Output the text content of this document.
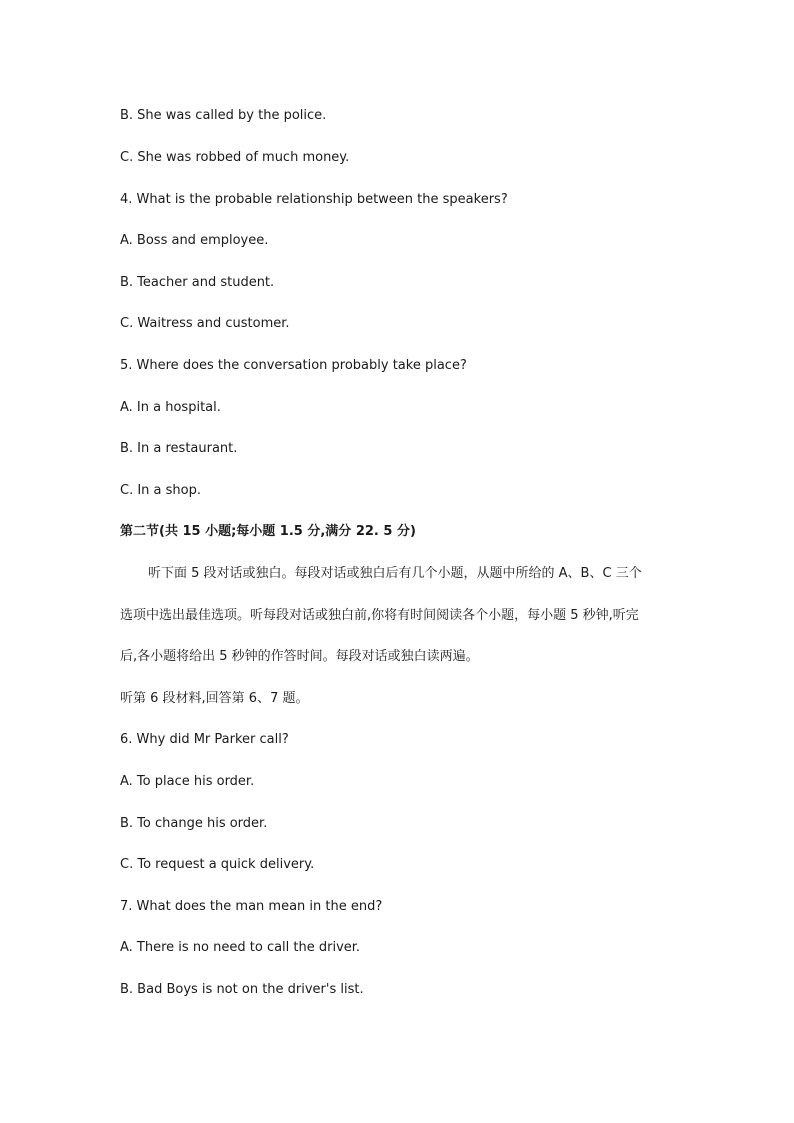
B. She was called by the police.
C. She was robbed of much money.
4. What is the probable relationship between the speakers?
A. Boss and employee.
B. Teacher and student.
C. Waitress and customer.
5. Where does the conversation probably take place?
A. In a hospital.
B. In a restaurant.
C. In a shop.
第二节(共 15 小题;每小题 1.5 分,满分 22. 5 分)
听下面 5 段对话或独白。每段对话或独白后有几个小题，从题中所给的 A、B、C 三个
选项中选出最佳选项。听每段对话或独白前,你将有时间阅读各个小题，每小题 5 秒钟,听完
后,各小题将给出 5 秒钟的作答时间。每段对话或独白读两遍。
听第 6 段材料,回答第 6、7 题。
6. Why did Mr Parker call?
A. To place his order.
B. To change his order.
C. To request a quick delivery.
7. What does the man mean in the end?
A. There is no need to call the driver.
B. Bad Boys is not on the driver's list.
